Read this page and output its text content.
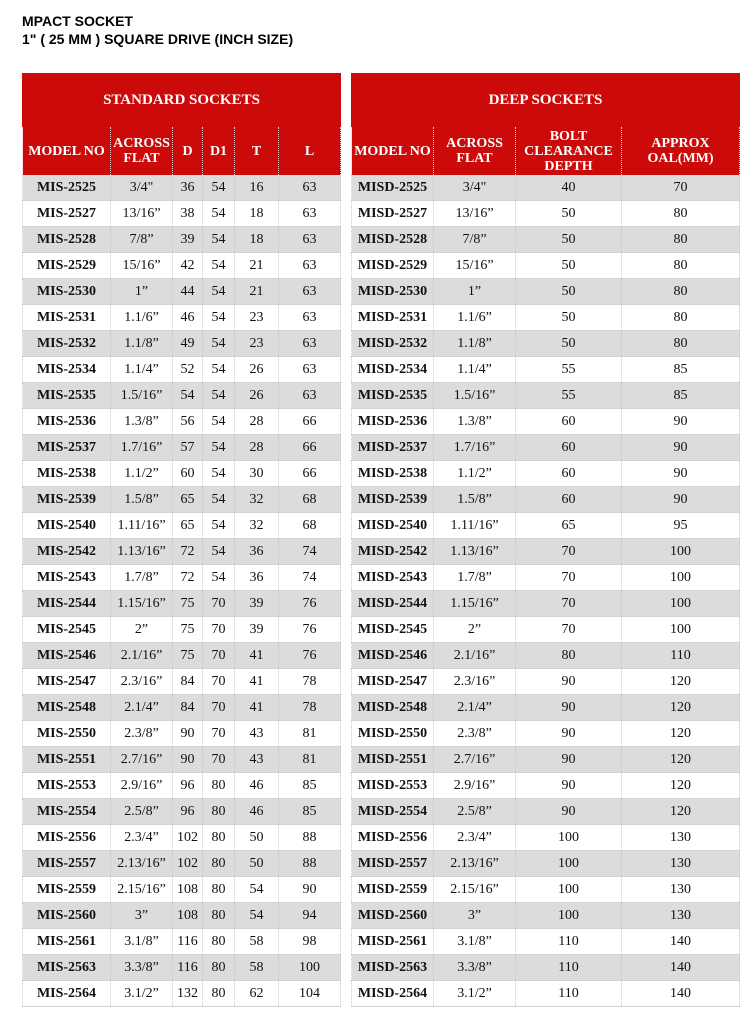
MPACT SOCKET
1" ( 25 MM ) SQUARE DRIVE (INCH SIZE)
STANDARD SOCKETS					
MODEL NO	ACROSS FLAT	D	D1	T	L
MIS-2525	3/4"	36	54	16	63
MIS-2527	13/16”	38	54	18	63
MIS-2528	7/8”	39	54	18	63
MIS-2529	15/16”	42	54	21	63
MIS-2530	1”	44	54	21	63
MIS-2531	1.1/6”	46	54	23	63
MIS-2532	1.1/8”	49	54	23	63
MIS-2534	1.1/4”	52	54	26	63
MIS-2535	1.5/16”	54	54	26	63
MIS-2536	1.3/8”	56	54	28	66
MIS-2537	1.7/16”	57	54	28	66
MIS-2538	1.1/2”	60	54	30	66
MIS-2539	1.5/8”	65	54	32	68
MIS-2540	1.11/16”	65	54	32	68
MIS-2542	1.13/16”	72	54	36	74
MIS-2543	1.7/8”	72	54	36	74
MIS-2544	1.15/16”	75	70	39	76
MIS-2545	2”	75	70	39	76
MIS-2546	2.1/16”	75	70	41	76
MIS-2547	2.3/16”	84	70	41	78
MIS-2548	2.1/4”	84	70	41	78
MIS-2550	2.3/8”	90	70	43	81
MIS-2551	2.7/16”	90	70	43	81
MIS-2553	2.9/16”	96	80	46	85
MIS-2554	2.5/8”	96	80	46	85
MIS-2556	2.3/4”	102	80	50	88
MIS-2557	2.13/16”	102	80	50	88
MIS-2559	2.15/16”	108	80	54	90
MIS-2560	3”	108	80	54	94
MIS-2561	3.1/8”	116	80	58	98
MIS-2563	3.3/8”	116	80	58	100
MIS-2564	3.1/2”	132	80	62	104
DEEP SOCKETS			
MODEL NO	ACROSS FLAT	BOLT CLEARANCE DEPTH	APPROX OAL(MM)
MISD-2525	3/4"	40	70
MISD-2527	13/16”	50	80
MISD-2528	7/8”	50	80
MISD-2529	15/16”	50	80
MISD-2530	1”	50	80
MISD-2531	1.1/6”	50	80
MISD-2532	1.1/8”	50	80
MISD-2534	1.1/4”	55	85
MISD-2535	1.5/16”	55	85
MISD-2536	1.3/8”	60	90
MISD-2537	1.7/16”	60	90
MISD-2538	1.1/2”	60	90
MISD-2539	1.5/8”	60	90
MISD-2540	1.11/16”	65	95
MISD-2542	1.13/16”	70	100
MISD-2543	1.7/8”	70	100
MISD-2544	1.15/16”	70	100
MISD-2545	2”	70	100
MISD-2546	2.1/16”	80	110
MISD-2547	2.3/16”	90	120
MISD-2548	2.1/4”	90	120
MISD-2550	2.3/8”	90	120
MISD-2551	2.7/16”	90	120
MISD-2553	2.9/16”	90	120
MISD-2554	2.5/8”	90	120
MISD-2556	2.3/4”	100	130
MISD-2557	2.13/16”	100	130
MISD-2559	2.15/16”	100	130
MISD-2560	3”	100	130
MISD-2561	3.1/8”	110	140
MISD-2563	3.3/8”	110	140
MISD-2564	3.1/2”	110	140
